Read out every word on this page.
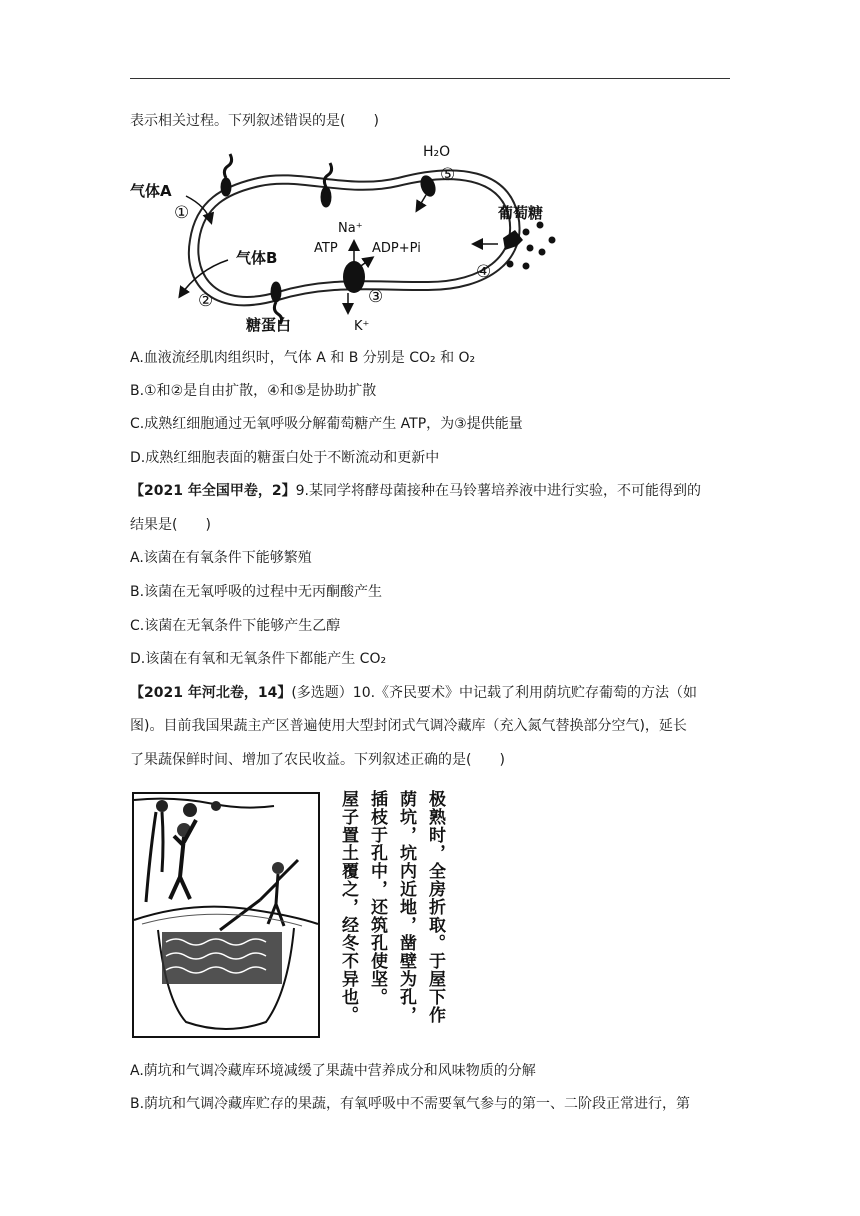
表示相关过程。下列叙述错误的是(　　)
气体A
①
气体B
②
糖蛋白
H₂O
⑤
葡萄糖
④
Na⁺
ATP	ADP+Pi
③
K⁺
A.血液流经肌肉组织时，气体 A 和 B 分别是 CO₂ 和 O₂
B.①和②是自由扩散，④和⑤是协助扩散
C.成熟红细胞通过无氧呼吸分解葡萄糖产生 ATP，为③提供能量
D.成熟红细胞表面的糖蛋白处于不断流动和更新中
【2021 年全国甲卷，2】9.某同学将酵母菌接种在马铃薯培养液中进行实验，不可能得到的
结果是(　　)
A.该菌在有氧条件下能够繁殖
B.该菌在无氧呼吸的过程中无丙酮酸产生
C.该菌在无氧条件下能够产生乙醇
D.该菌在有氧和无氧条件下都能产生 CO₂
【2021 年河北卷，14】(多选题）10.《齐民要术》中记载了利用荫坑贮存葡萄的方法（如
图)。目前我国果蔬主产区普遍使用大型封闭式气调冷藏库（充入氮气替换部分空气)，延长
了果蔬保鲜时间、增加了农民收益。下列叙述正确的是(　　)
极熟时，全房折取。于屋下作
荫坑，坑内近地，凿壁为孔，
插枝于孔中，还筑孔使坚。
屋子置土覆之，经冬不异也。
A.荫坑和气调冷藏库环境减缓了果蔬中营养成分和风味物质的分解
B.荫坑和气调冷藏库贮存的果蔬，有氧呼吸中不需要氧气参与的第一、二阶段正常进行，第
